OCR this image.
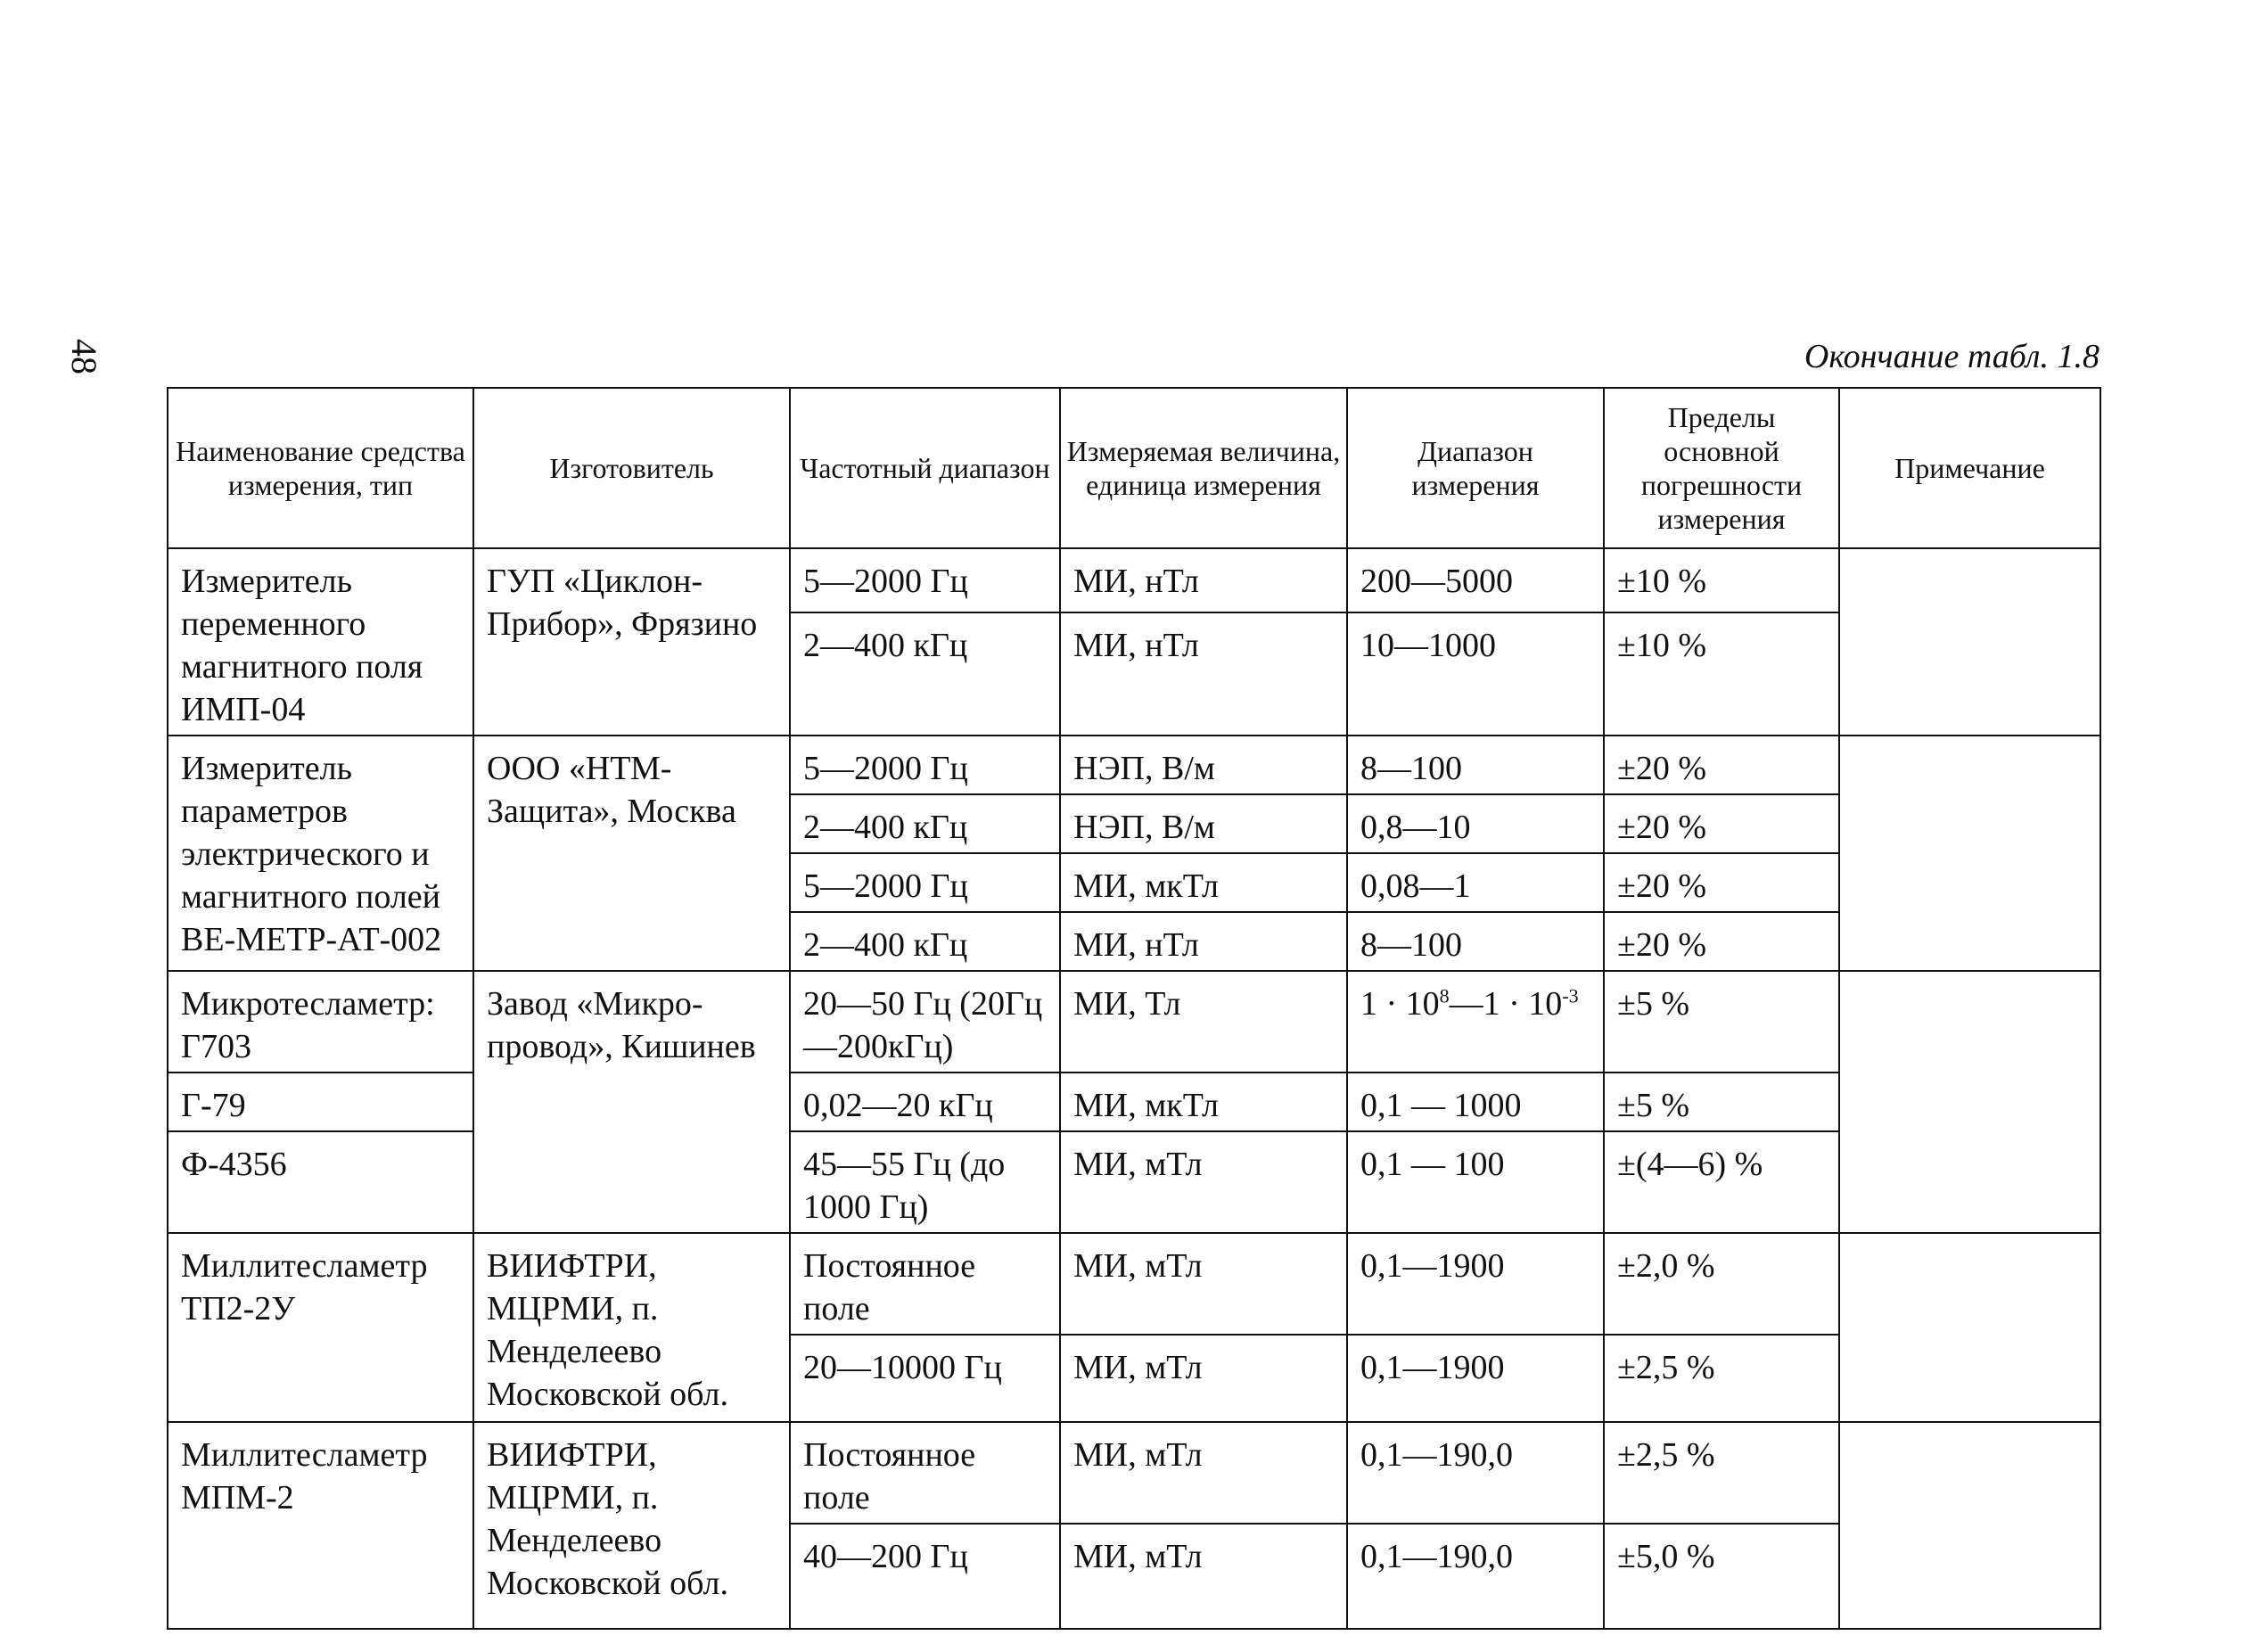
48	Окончание табл. 1.8
Наименование средства измерения, тип	Изготовитель	Частотный диапазон	Измеряемая величина, единица измерения	Диапазон измерения	Пределы основной погрешности измерения	Примечание
Измеритель переменного магнитного поля ИМП-04	ГУП «Циклон-Прибор», Фрязино	5—2000 Гц	МИ, нТл	200—5000	±10 %	
		2—400 кГц	МИ, нТл	10—1000	±10 %	
Измеритель параметров электрического и магнитного полей ВЕ-МЕТР-АТ-002	ООО «НТМ-Защита», Москва	5—2000 Гц	НЭП, В/м	8—100	±20 %	
		2—400 кГц	НЭП, В/м	0,8—10	±20 %	
		5—2000 Гц	МИ, мкТл	0,08—1	±20 %	
		2—400 кГц	МИ, нТл	8—100	±20 %	
Микротесламетр: Г703	Завод «Микро-провод», Кишинев	20—50 Гц (20Гц—200кГц)	МИ, Тл	$1 \cdot 10^8—1 \cdot 10^{-3}$	±5 %	
Г-79		0,02—20 кГц	МИ, мкТл	0,1 — 1000	±5 %	
Ф-4356		45—55 Гц (до 1000 Гц)	МИ, мТл	0,1 — 100	±(4—6) %	
Миллитесламетр ТП2-2У	ВИИФТРИ, МЦРМИ, п. Менделеево Московской обл.	Постоянное поле	МИ, мТл	0,1—1900	±2,0 %	
		20—10000 Гц	МИ, мТл	0,1—1900	±2,5 %	
Миллитесламетр МПМ-2	ВИИФТРИ, МЦРМИ, п. Менделеево Московской обл.	Постоянное поле	МИ, мТл	0,1—190,0	±2,5 %	
		40—200 Гц	МИ, мТл	0,1—190,0	±5,0 %	
